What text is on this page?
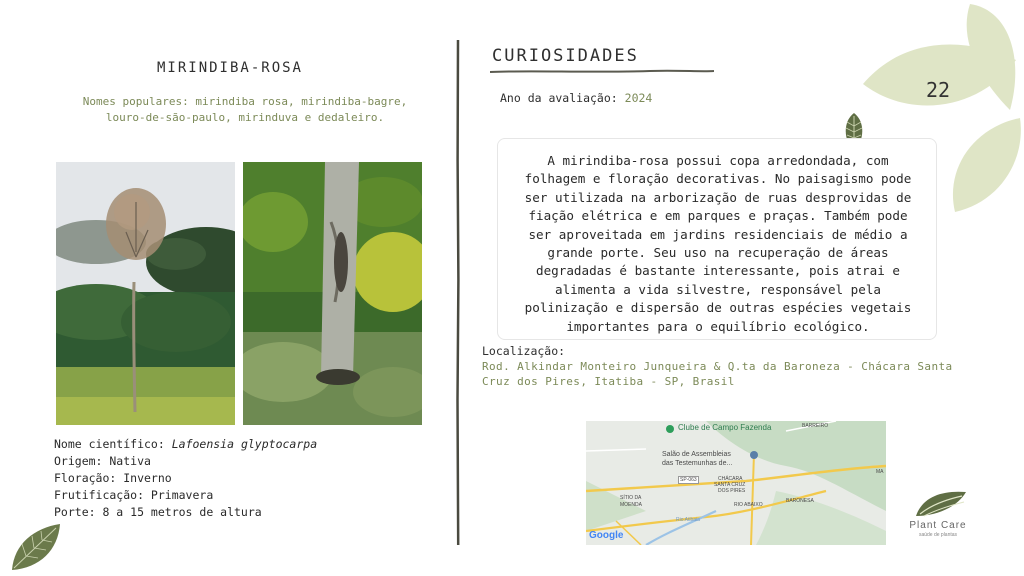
22
MIRINDIBA-ROSA
Nomes populares: mirindiba rosa, mirindiba-bagre,
louro-de-são-paulo, mirinduva e dedaleiro.
Nome científico: Lafoensia glyptocarpa
Origem: Nativa
Floração: Inverno
Frutificação: Primavera
Porte: 8 a 15 metros de altura
CURIOSIDADES
Ano da avaliação: 2024
A mirindiba-rosa possui copa arredondada, com
folhagem e floração decorativas. No paisagismo pode
ser utilizada na arborização de ruas desprovidas de
fiação elétrica e em parques e praças. Também pode
ser aproveitada em jardins residenciais de médio a
grande porte. Seu uso na recuperação de áreas
degradadas é bastante interessante, pois atrai e
alimenta a vida silvestre, responsável pela
polinização e dispersão de outras espécies vegetais
importantes para o equilíbrio ecológico.
Localização:
Rod. Alkindar Monteiro Junqueira & Q.ta da Baroneza - Chácara Santa
Cruz dos Pires, Itatiba - SP, Brasil
Clube de Campo Fazenda	BARREIRO
Salão de Assembleias
das Testemunhas de...
SP-063	CHÁCARA
SANTA CRUZ
DOS PIRES
BARONESA
SÍTIO DA
MOENDA	RIO ABAIXO
Rio Atibaia
MA
Google
Plant Care
saúde de plantas
